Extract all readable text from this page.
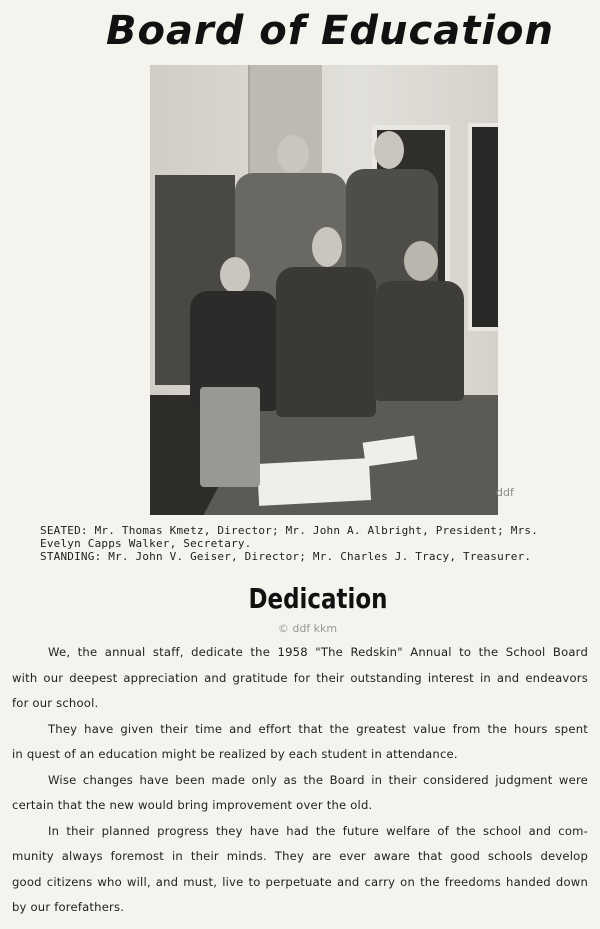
Board of Education
ddf
SEATED: Mr. Thomas Kmetz, Director; Mr. John A. Albright, President; Mrs.
Evelyn Capps Walker, Secretary.
STANDING: Mr. John V. Geiser, Director; Mr. Charles J. Tracy, Treasurer.
Dedication
© ddf kkm

We, the annual staff, dedicate the 1958 "The Redskin" Annual to the School Board
with our deepest appreciation and gratitude for their outstanding interest in and endeavors
for our school.

They have given their time and effort that the greatest value from the hours spent
in quest of an education might be realized by each student in attendance.

Wise changes have been made only as the Board in their considered judgment were
certain that the new would bring improvement over the old.

In their planned progress they have had the future welfare of the school and com-
munity always foremost in their minds. They are ever aware that good schools develop
good citizens who will, and must, live to perpetuate and carry on the freedoms handed down
by our forefathers.
